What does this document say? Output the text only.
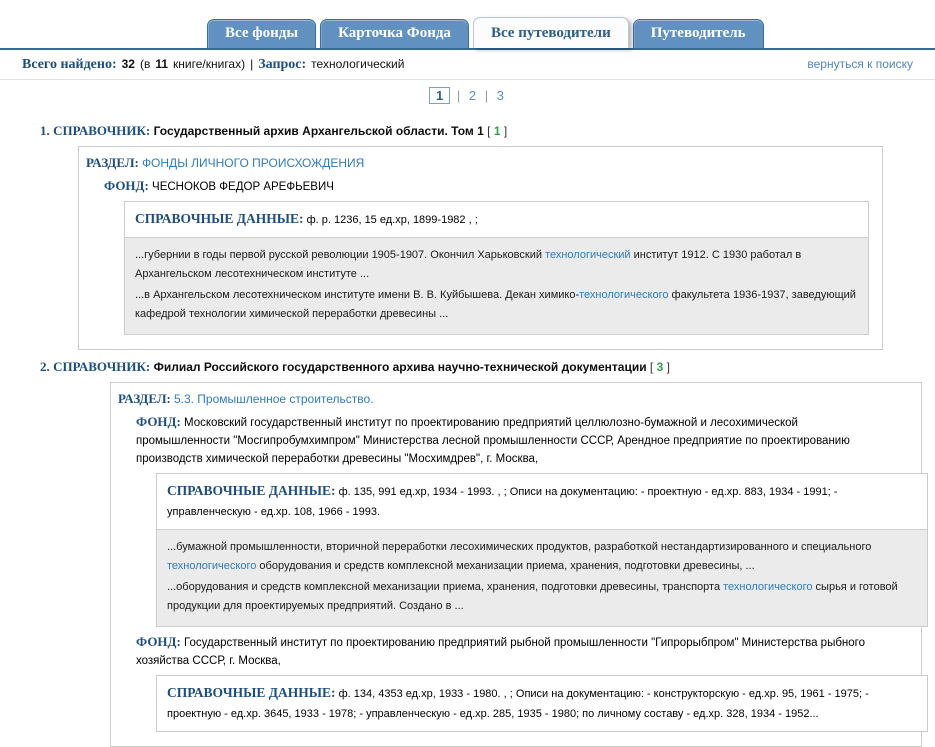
Все фонды	Карточка Фонда	Все путеводители	Путеводитель
Всего найдено: 32 (в 11 книге/книгах) | Запрос: технологический	вернуться к поиску
1 | 2 | 3
1. СПРАВОЧНИК: Государственный архив Архангельской области. Том 1 [ 1 ]
РАЗДЕЛ: ФОНДЫ ЛИЧНОГО ПРОИСХОЖДЕНИЯ
ФОНД: ЧЕСНОКОВ ФЕДОР АРЕФЬЕВИЧ
СПРАВОЧНЫЕ ДАННЫЕ: ф. р. 1236, 15 ед.хр, 1899-1982 , ;
...губернии в годы первой русской революции 1905-1907. Окончил Харьковский технологический институт 1912. С 1930 работал в Архангельском лесотехническом институте ...
...в Архангельском лесотехническом институте имени В. В. Куйбышева. Декан химико-технологического факультета 1936-1937, заведующий кафедрой технологии химической переработки древесины ...
2. СПРАВОЧНИК: Филиал Российского государственного архива научно-технической документации [ 3 ]
РАЗДЕЛ: 5.3. Промышленное строительство.
ФОНД: Московский государственный институт по проектированию предприятий целлюлозно-бумажной и лесохимической промышленности "Мосгипробумхимпром" Министерства лесной промышленности СССР, Арендное предприятие по проектированию производств химической переработки древесины "Мосхимдрев", г. Москва,
СПРАВОЧНЫЕ ДАННЫЕ: ф. 135, 991 ед.хр, 1934 - 1993. , ; Описи на документацию: - проектную - ед.хр. 883, 1934 - 1991; - управленческую - ед.хр. 108, 1966 - 1993.
...бумажной промышленности, вторичной переработки лесохимических продуктов, разработкой нестандартизированного и специального технологического оборудования и средств комплексной механизации приема, хранения, подготовки древесины, ...
...оборудования и средств комплексной механизации приема, хранения, подготовки древесины, транспорта технологического сырья и готовой продукции для проектируемых предприятий. Создано в ...
ФОНД: Государственный институт по проектированию предприятий рыбной промышленности "Гипрорыбпром" Министерства рыбного хозяйства СССР, г. Москва,
СПРАВОЧНЫЕ ДАННЫЕ: ф. 134, 4353 ед.хр, 1933 - 1980. , ; Описи на документацию: - конструкторскую - ед.хр. 95, 1961 - 1975; - проектную - ед.хр. 3645, 1933 - 1978; - управленческую - ед.хр. 285, 1935 - 1980; по личному составу - ед.хр. 328, 1934 - 1952...
